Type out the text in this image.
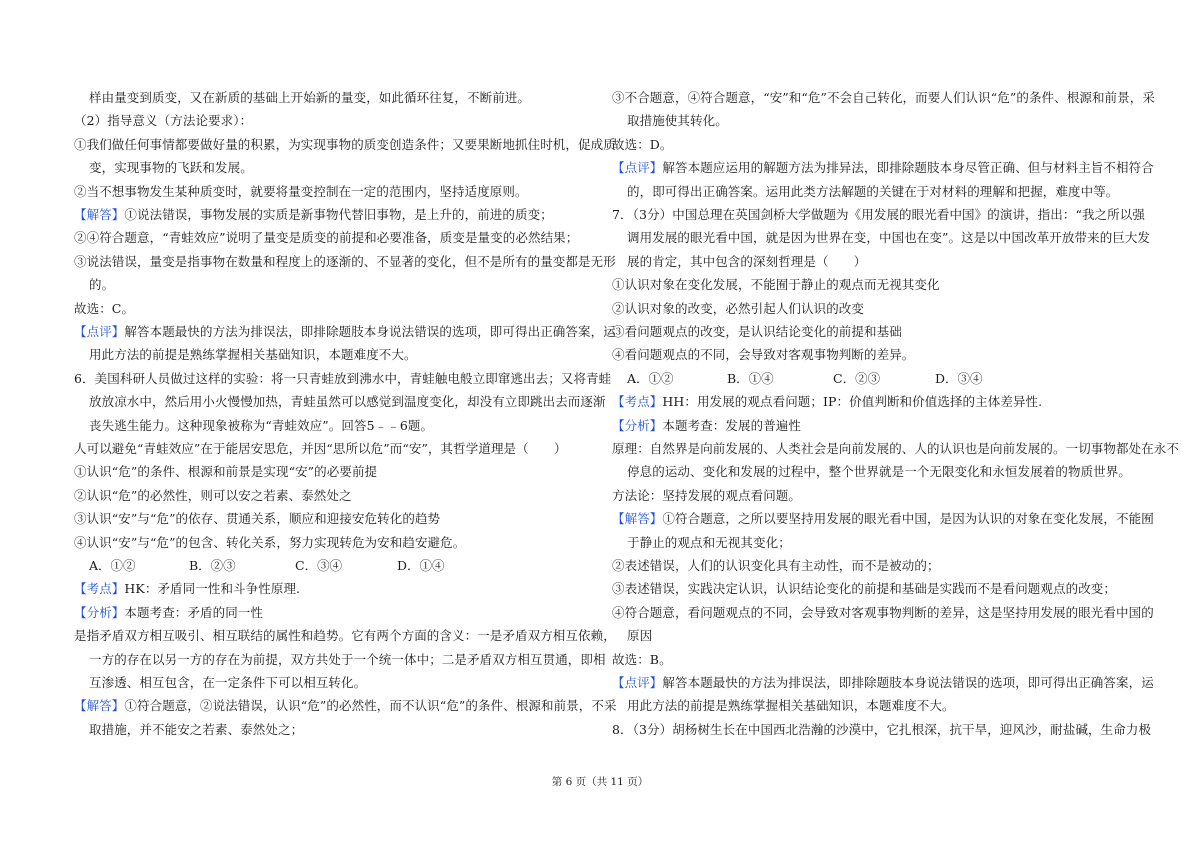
样由量变到质变，又在新质的基础上开始新的量变，如此循环往复，不断前进。
（2）指导意义（方法论要求）：
①我们做任何事情都要做好量的积累，为实现事物的质变创造条件；又要果断地抓住时机，促成质
变，实现事物的飞跃和发展。
②当不想事物发生某种质变时，就要将量变控制在一定的范围内，坚持适度原则。
【解答】①说法错误，事物发展的实质是新事物代替旧事物，是上升的，前进的质变；
②④符合题意，“青蛙效应”说明了量变是质变的前提和必要准备，质变是量变的必然结果；
③说法错误，量变是指事物在数量和程度上的逐渐的、不显著的变化，但不是所有的量变都是无形
的。
故选：C。
【点评】解答本题最快的方法为排误法，即排除题肢本身说法错误的选项，即可得出正确答案，运
用此方法的前提是熟练掌握相关基础知识，本题难度不大。
6．美国科研人员做过这样的实验：将一只青蛙放到沸水中，青蛙触电般立即窜逃出去；又将青蛙
放放凉水中，然后用小火慢慢加热，青蛙虽然可以感觉到温度变化，却没有立即跳出去而逐渐
丧失逃生能力。这种现象被称为“青蛙效应”。回答5﹣﹣6题。
人可以避免“青蛙效应”在于能居安思危，并因“思所以危”而“安”，其哲学道理是（　　）
①认识“危”的条件、根源和前景是实现“安”的必要前提
②认识“危”的必然性，则可以安之若素、泰然处之
③认识“安”与“危”的依存、贯通关系，顺应和迎接安危转化的趋势
④认识“安”与“危”的包含、转化关系，努力实现转危为安和趋安避危。
A．①②	B．②③	C．③④	D．①④
【考点】HK：矛盾同一性和斗争性原理.
【分析】本题考查：矛盾的同一性
是指矛盾双方相互吸引、相互联结的属性和趋势。它有两个方面的含义：一是矛盾双方相互依赖，
一方的存在以另一方的存在为前提，双方共处于一个统一体中；二是矛盾双方相互贯通，即相
互渗透、相互包含，在一定条件下可以相互转化。
【解答】①符合题意，②说法错误，认识“危”的必然性，而不认识“危”的条件、根源和前景，不采
取措施，并不能安之若素、泰然处之；
③不合题意，④符合题意，“安”和“危”不会自己转化，而要人们认识“危”的条件、根源和前景，采
取措施使其转化。
故选：D。
【点评】解答本题应运用的解题方法为排异法，即排除题肢本身尽管正确、但与材料主旨不相符合
的，即可得出正确答案。运用此类方法解题的关键在于对材料的理解和把握，难度中等。
7．（3分）中国总理在英国剑桥大学做题为《用发展的眼光看中国》的演讲，指出：“我之所以强
调用发展的眼光看中国，就是因为世界在变，中国也在变”。这是以中国改革开放带来的巨大发
展的肯定，其中包含的深刻哲理是（　　）
①认识对象在变化发展，不能囿于静止的观点而无视其变化
②认识对象的改变，必然引起人们认识的改变
③看问题观点的改变，是认识结论变化的前提和基础
④看问题观点的不同，会导致对客观事物判断的差异。
A．①②	B．①④	C．②③	D．③④
【考点】HH：用发展的观点看问题；IP：价值判断和价值选择的主体差异性.
【分析】本题考查：发展的普遍性
原理：自然界是向前发展的、人类社会是向前发展的、人的认识也是向前发展的。一切事物都处在永不
停息的运动、变化和发展的过程中，整个世界就是一个无限变化和永恒发展着的物质世界。
方法论：坚持发展的观点看问题。
【解答】①符合题意，之所以要坚持用发展的眼光看中国，是因为认识的对象在变化发展，不能囿
于静止的观点和无视其变化；
②表述错误，人们的认识变化具有主动性，而不是被动的；
③表述错误，实践决定认识，认识结论变化的前提和基础是实践而不是看问题观点的改变；
④符合题意，看问题观点的不同，会导致对客观事物判断的差异，这是坚持用发展的眼光看中国的
原因
故选：B。
【点评】解答本题最快的方法为排误法，即排除题肢本身说法错误的选项，即可得出正确答案，运
用此方法的前提是熟练掌握相关基础知识，本题难度不大。
8．（3分）胡杨树生长在中国西北浩瀚的沙漠中，它扎根深，抗干旱，迎风沙，耐盐碱，生命力极
第 6 页（共 11 页）
